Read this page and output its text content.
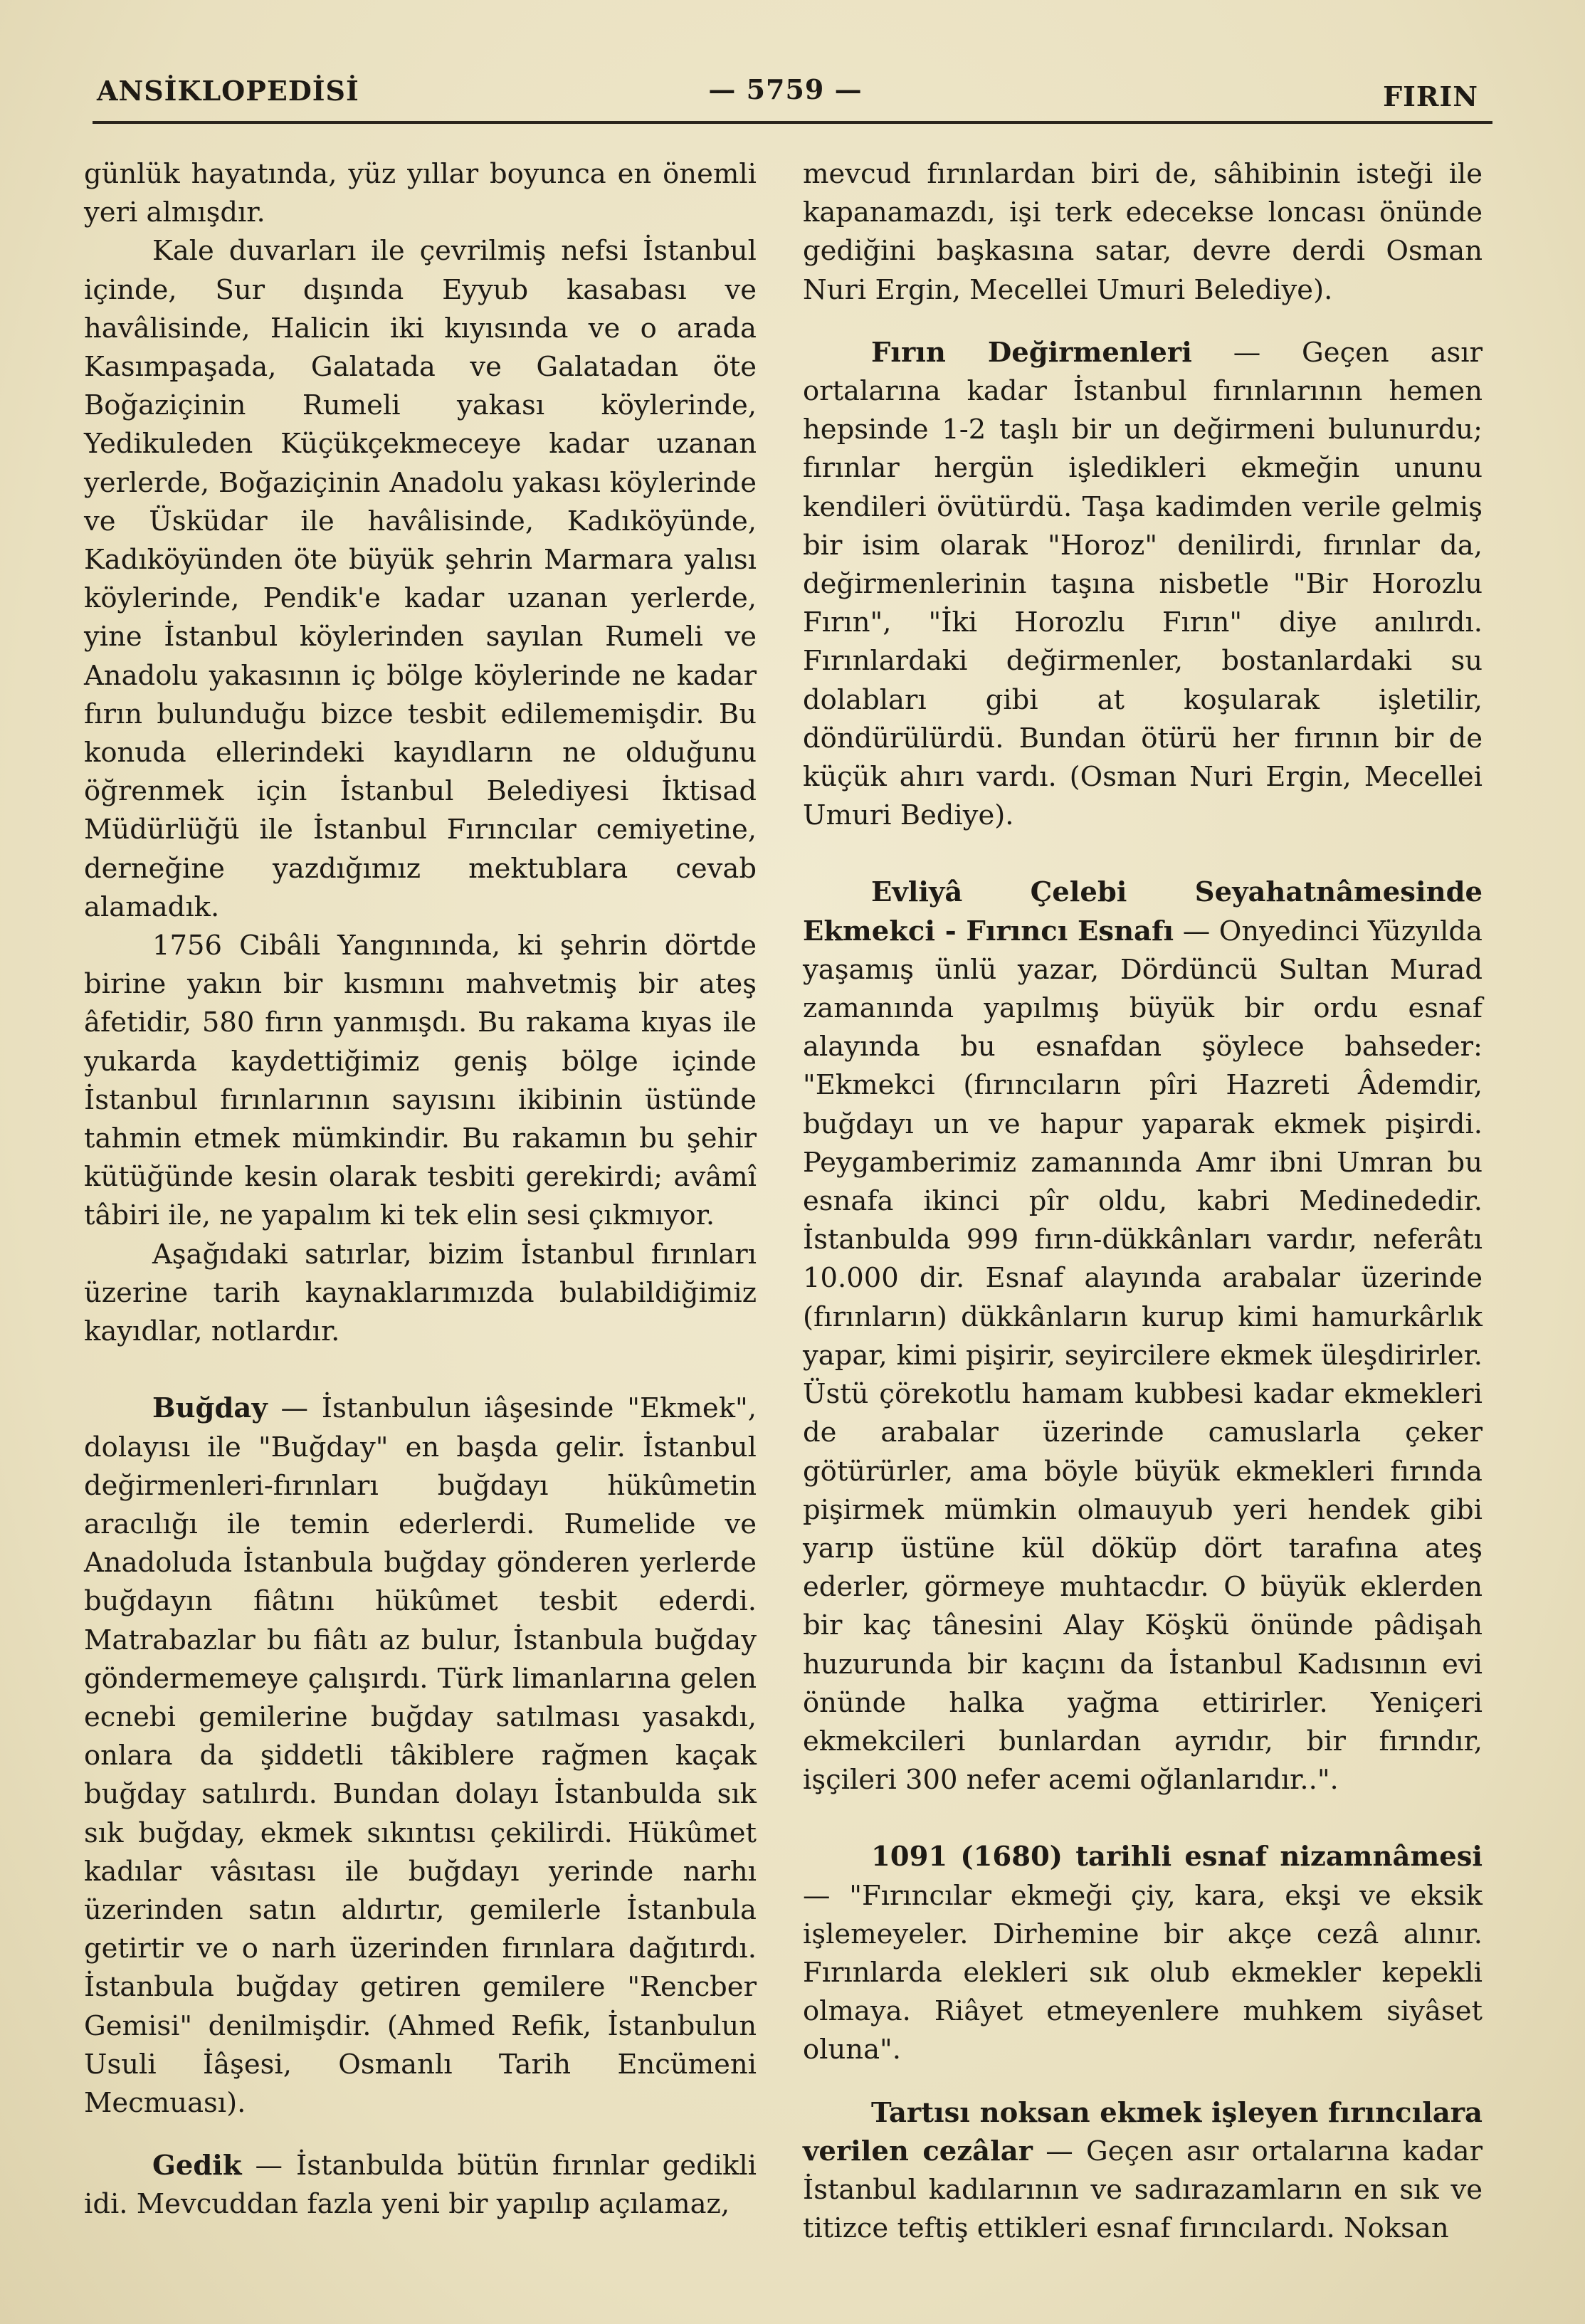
ANSİKLOPEDİSİ	— 5759 —	FIRIN

günlük hayatında, yüz yıllar boyunca en önemli yeri almışdır.

Kale duvarları ile çevrilmiş nefsi İstanbul içinde, Sur dışında Eyyub kasabası ve havâlisinde, Halicin iki kıyısında ve o arada Kasımpaşada, Galatada ve Galatadan öte Boğaziçinin Rumeli yakası köylerinde, Yedikuleden Küçükçekmeceye kadar uzanan yerlerde, Boğaziçinin Anadolu yakası köylerinde ve Üsküdar ile havâlisinde, Kadıköyünde, Kadıköyünden öte büyük şehrin Marmara yalısı köylerinde, Pendik'e kadar uzanan yerlerde, yine İstanbul köylerinden sayılan Rumeli ve Anadolu yakasının iç bölge köylerinde ne kadar fırın bulunduğu bizce tesbit edilememişdir. Bu konuda ellerindeki kayıdların ne olduğunu öğrenmek için İstanbul Belediyesi İktisad Müdürlüğü ile İstanbul Fırıncılar cemiyetine, derneğine yazdığımız mektublara cevab alamadık.

1756 Cibâli Yangınında, ki şehrin dörtde birine yakın bir kısmını mahvetmiş bir ateş âfetidir, 580 fırın yanmışdı. Bu rakama kıyas ile yukarda kaydettiğimiz geniş bölge içinde İstanbul fırınlarının sayısını ikibinin üstünde tahmin etmek mümkindir. Bu rakamın bu şehir kütüğünde kesin olarak tesbiti gerekirdi; avâmî tâbiri ile, ne yapalım ki tek elin sesi çıkmıyor.

Aşağıdaki satırlar, bizim İstanbul fırınları üzerine tarih kaynaklarımızda bulabildiğimiz kayıdlar, notlardır.

Buğday — İstanbulun iâşesinde "Ekmek", dolayısı ile "Buğday" en başda gelir. İstanbul değirmenleri-fırınları buğdayı hükûmetin aracılığı ile temin ederlerdi. Rumelide ve Anadoluda İstanbula buğday gönderen yerlerde buğdayın fiâtını hükûmet tesbit ederdi. Matrabazlar bu fiâtı az bulur, İstanbula buğday göndermemeye çalışırdı. Türk limanlarına gelen ecnebi gemilerine buğday satılması yasakdı, onlara da şiddetli tâkiblere rağmen kaçak buğday satılırdı. Bundan dolayı İstanbulda sık sık buğday, ekmek sıkıntısı çekilirdi. Hükûmet kadılar vâsıtası ile buğdayı yerinde narhı üzerinden satın aldırtır, gemilerle İstanbula getirtir ve o narh üzerinden fırınlara dağıtırdı. İstanbula buğday getiren gemilere "Rencber Gemisi" denilmişdir. (Ahmed Refik, İstanbulun Usuli İâşesi, Osmanlı Tarih Encümeni Mecmuası).

Gedik — İstanbulda bütün fırınlar gedikli idi. Mevcuddan fazla yeni bir yapılıp açılamaz,

mevcud fırınlardan biri de, sâhibinin isteği ile kapanamazdı, işi terk edecekse loncası önünde gediğini başkasına satar, devre derdi Osman Nuri Ergin, Mecellei Umuri Belediye).

Fırın Değirmenleri — Geçen asır ortalarına kadar İstanbul fırınlarının hemen hepsinde 1-2 taşlı bir un değirmeni bulunurdu; fırınlar hergün işledikleri ekmeğin ununu kendileri övütürdü. Taşa kadimden verile gelmiş bir isim olarak "Horoz" denilirdi, fırınlar da, değirmenlerinin taşına nisbetle "Bir Horozlu Fırın", "İki Horozlu Fırın" diye anılırdı. Fırınlardaki değirmenler, bostanlardaki su dolabları gibi at koşularak işletilir, döndürülürdü. Bundan ötürü her fırının bir de küçük ahırı vardı. (Osman Nuri Ergin, Mecellei Umuri Bediye).

Evliyâ Çelebi Seyahatnâmesinde Ekmekci - Fırıncı Esnafı — Onyedinci Yüzyılda yaşamış ünlü yazar, Dördüncü Sultan Murad zamanında yapılmış büyük bir ordu esnaf alayında bu esnafdan şöylece bahseder: "Ekmekci (fırıncıların pîri Hazreti Âdemdir, buğdayı un ve hapur yaparak ekmek pişirdi. Peygamberimiz zamanında Amr ibni Umran bu esnafa ikinci pîr oldu, kabri Medinededir. İstanbulda 999 fırın-dükkânları vardır, neferâtı 10.000 dir. Esnaf alayında arabalar üzerinde (fırınların) dükkânların kurup kimi hamurkârlık yapar, kimi pişirir, seyircilere ekmek üleşdirirler. Üstü çörekotlu hamam kubbesi kadar ekmekleri de arabalar üzerinde camuslarla çeker götürürler, ama böyle büyük ekmekleri fırında pişirmek mümkin olmauyub yeri hendek gibi yarıp üstüne kül döküp dört tarafına ateş ederler, görmeye muhtacdır. O büyük eklerden bir kaç tânesini Alay Köşkü önünde pâdişah huzurunda bir kaçını da İstanbul Kadısının evi önünde halka yağma ettirirler. Yeniçeri ekmekcileri bunlardan ayrıdır, bir fırındır, işçileri 300 nefer acemi oğlanlarıdır..".

1091 (1680) tarihli esnaf nizamnâmesi — "Fırıncılar ekmeği çiy, kara, ekşi ve eksik işlemeyeler. Dirhemine bir akçe cezâ alınır. Fırınlarda elekleri sık olub ekmekler kepekli olmaya. Riâyet etmeyenlere muhkem siyâset oluna".

Tartısı noksan ekmek işleyen fırıncılara verilen cezâlar — Geçen asır ortalarına kadar İstanbul kadılarının ve sadırazamların en sık ve titizce teftiş ettikleri esnaf fırıncılardı. Noksan
